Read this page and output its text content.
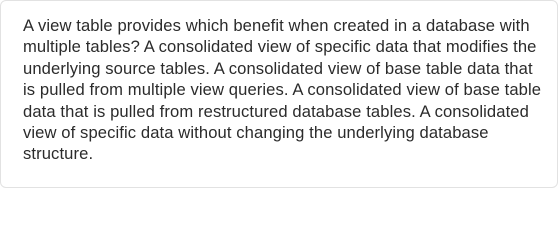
A view table provides which benefit when created in a database with multiple tables? A consolidated view of specific data that modifies the underlying source tables. A consolidated view of base table data that is pulled from multiple view queries. A consolidated view of base table data that is pulled from restructured database tables. A consolidated view of specific data without changing the underlying database structure.
